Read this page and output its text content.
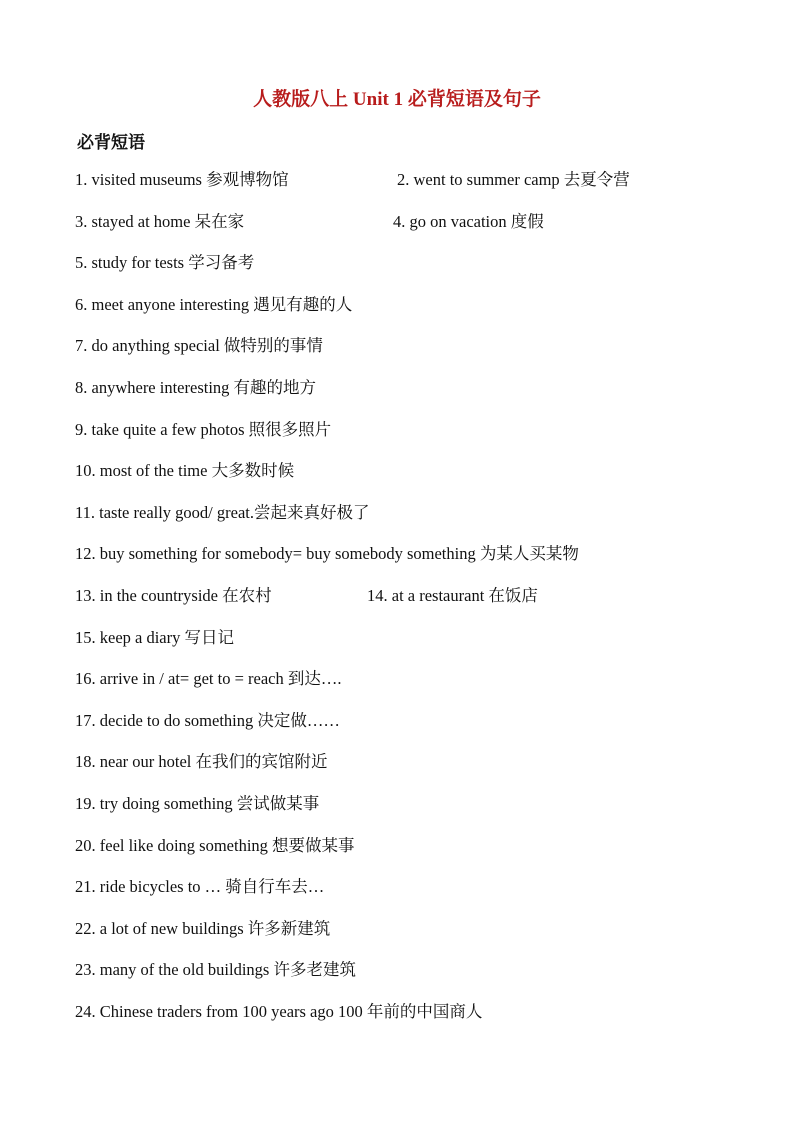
人教版八上 Unit 1 必背短语及句子
必背短语
1. visited museums 参观博物馆	2. went to summer camp 去夏令营
3. stayed at home 呆在家	4. go on vacation 度假
5. study for tests 学习备考
6. meet anyone interesting 遇见有趣的人
7. do anything special 做特别的事情
8. anywhere interesting 有趣的地方
9. take quite a few photos 照很多照片
10. most of the time 大多数时候
11. taste really good/ great.尝起来真好极了
12. buy something for somebody= buy somebody something 为某人买某物
13. in the countryside 在农村	14. at a restaurant 在饭店
15. keep a diary 写日记
16. arrive in / at= get to = reach 到达….
17. decide to do something 决定做……
18. near our hotel 在我们的宾馆附近
19. try doing something 尝试做某事
20. feel like doing something 想要做某事
21. ride bicycles to … 骑自行车去…
22. a lot of new buildings 许多新建筑
23. many of the old buildings 许多老建筑
24. Chinese traders from 100 years ago 100 年前的中国商人
